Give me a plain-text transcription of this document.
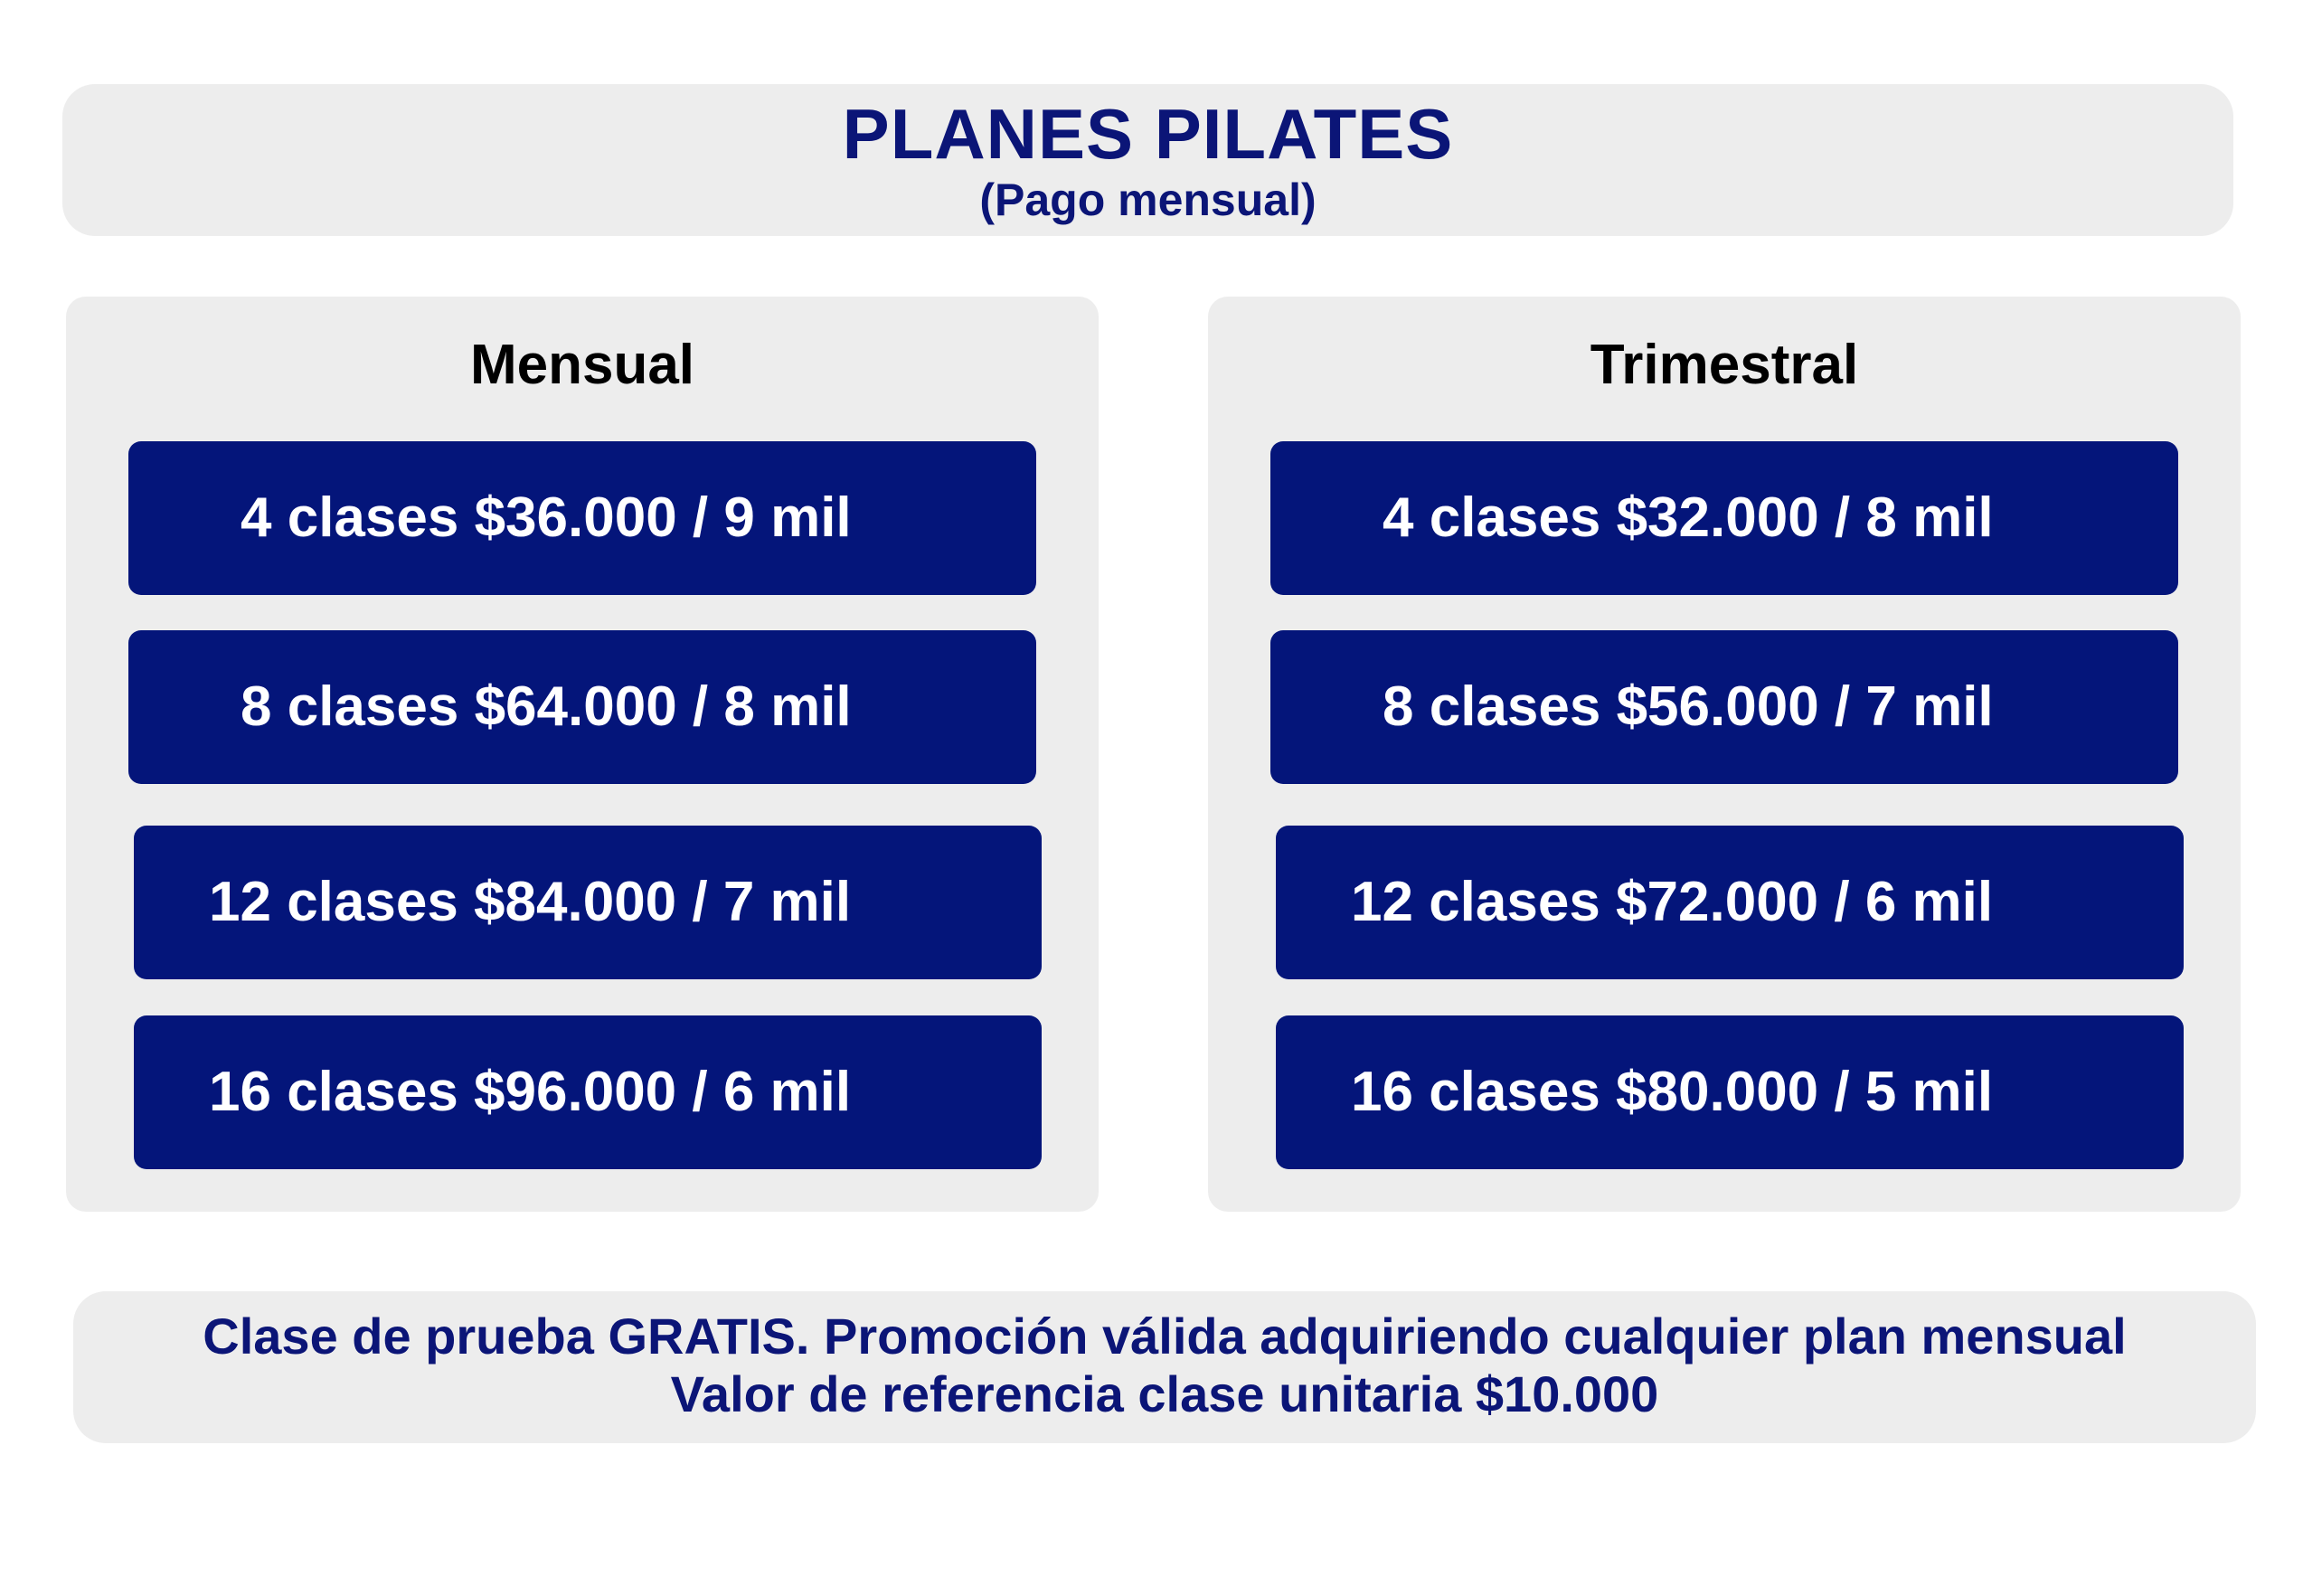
PLANES PILATES
(Pago mensual)
Mensual
4 clases $36.000 / 9 mil
8 clases $64.000 / 8 mil
12 clases $84.000 / 7 mil
16 clases $96.000 / 6 mil
Trimestral
4 clases $32.000 / 8 mil
8 clases $56.000 / 7 mil
12 clases $72.000 / 6 mil
16 clases $80.000 / 5 mil
Clase de prueba GRATIS. Promoción válida adquiriendo cualquier plan mensual
Valor de referencia clase unitaria $10.000
